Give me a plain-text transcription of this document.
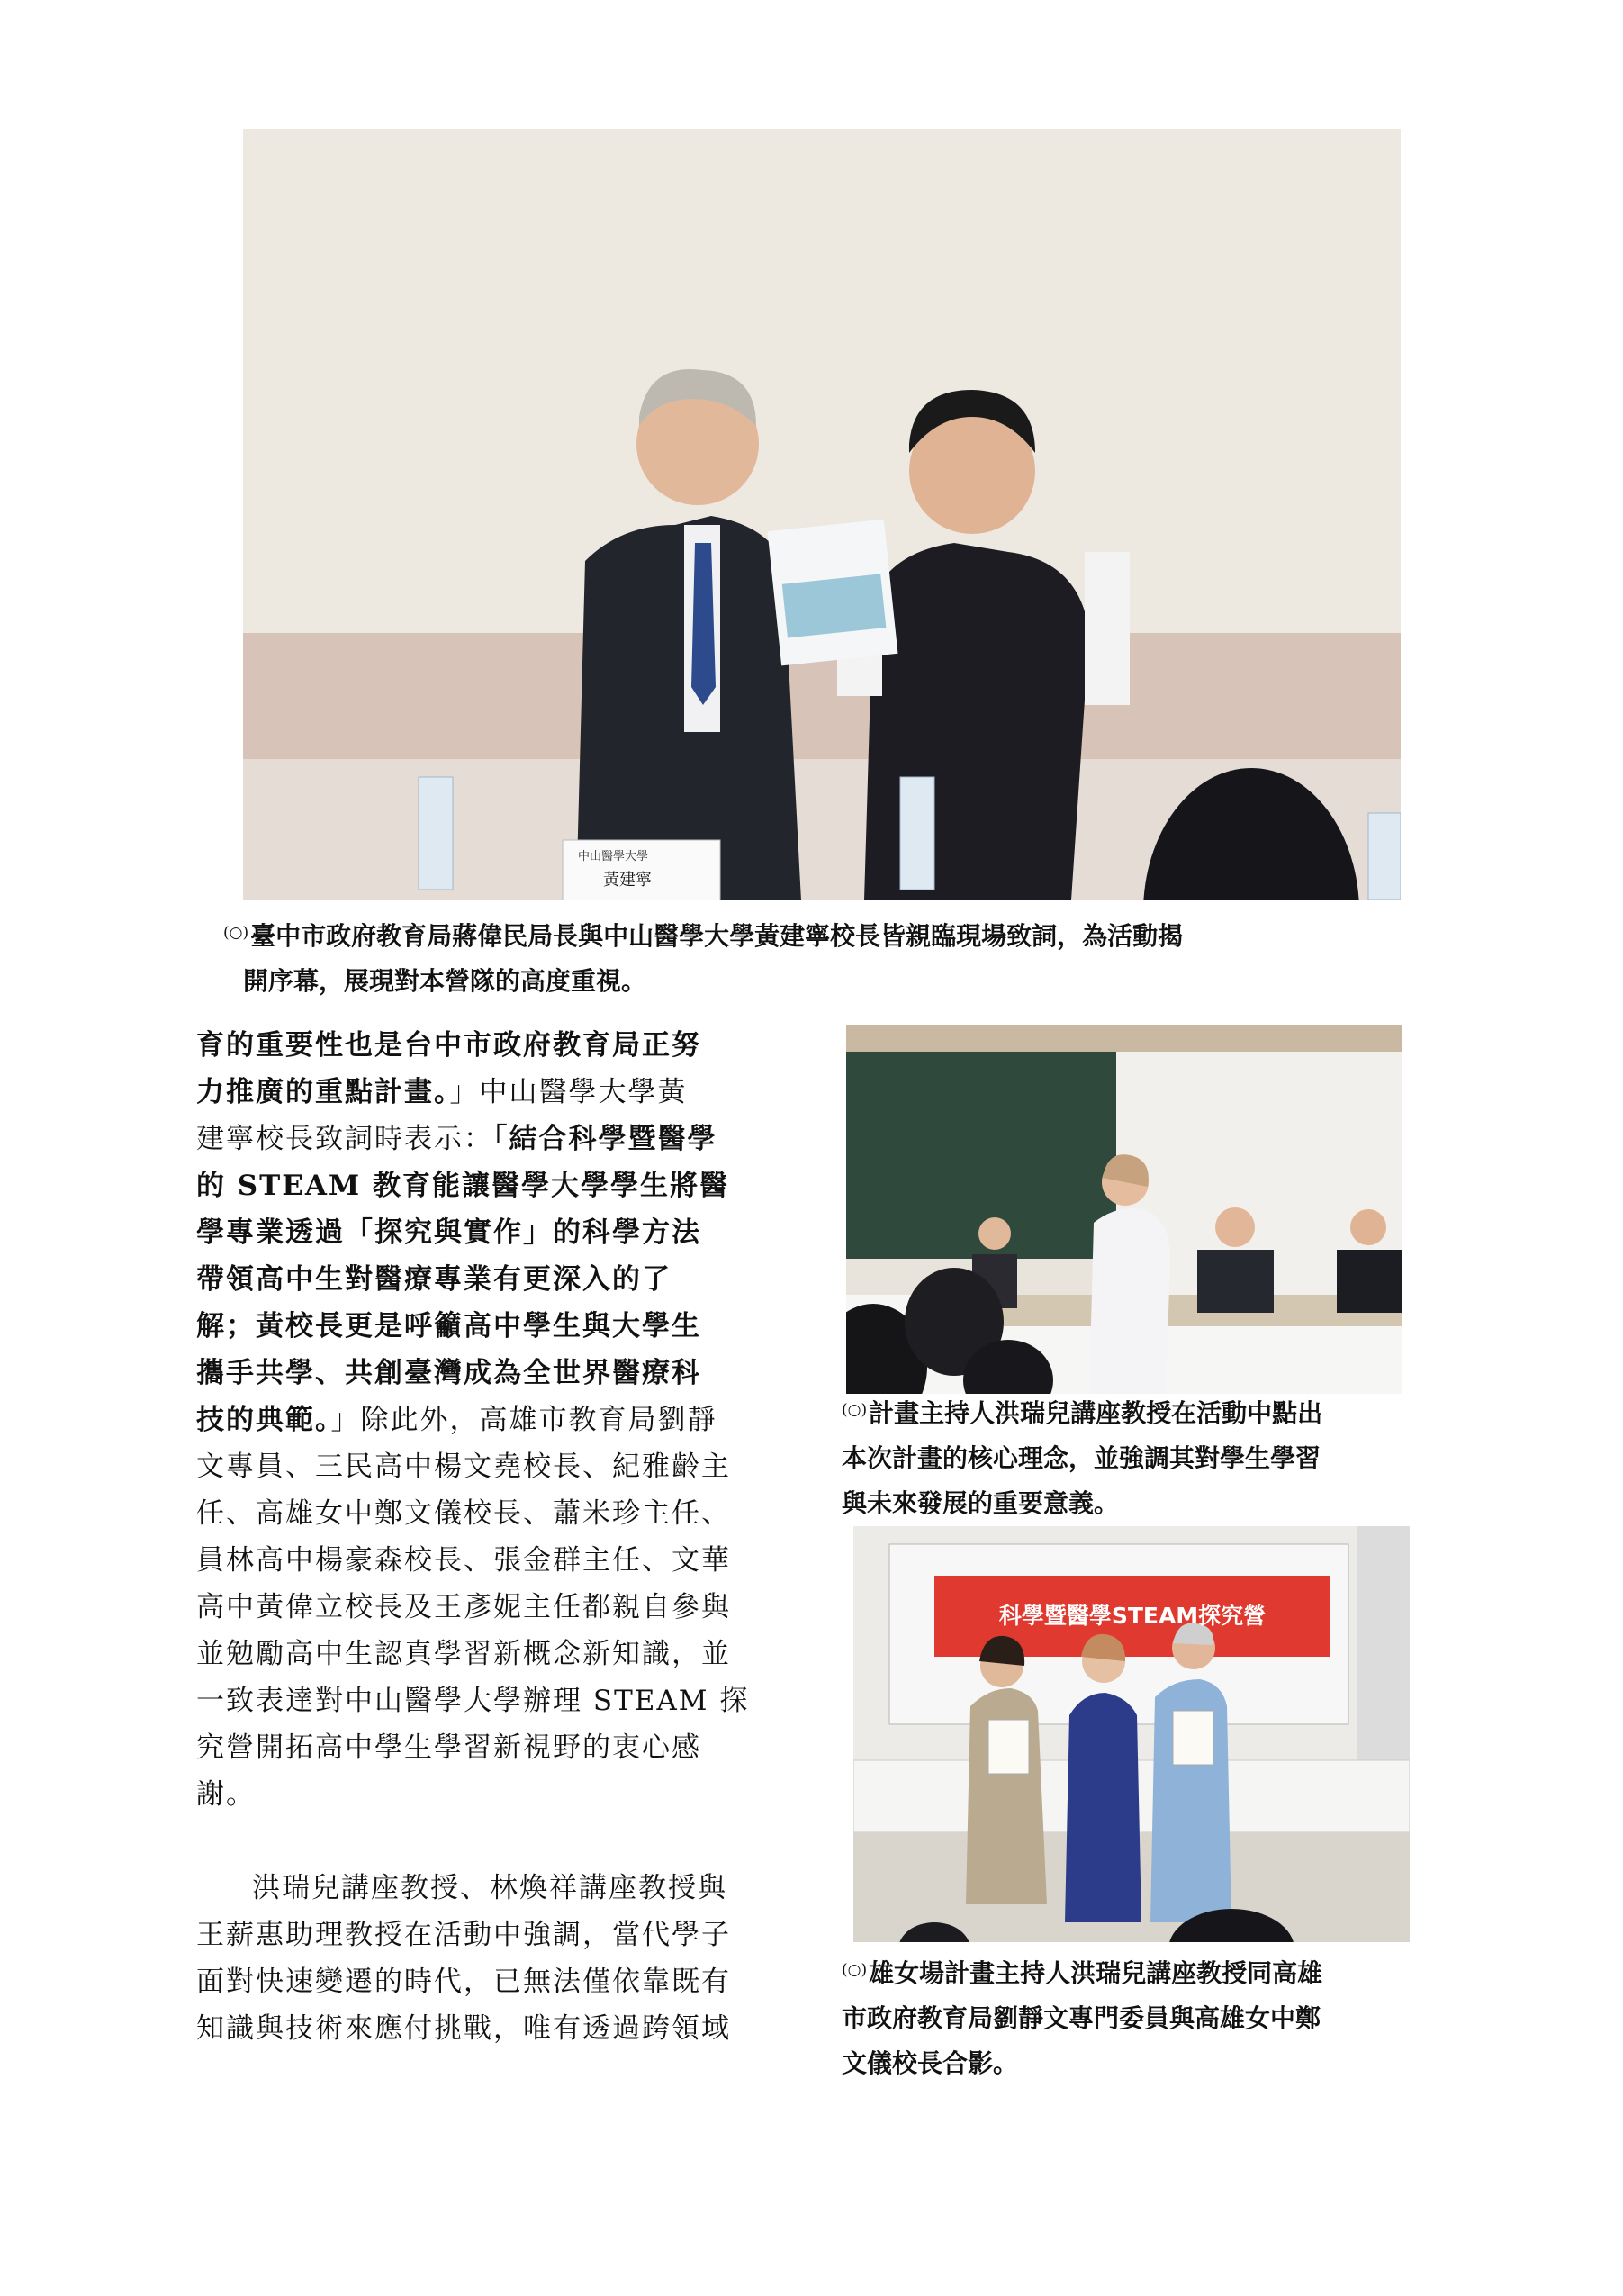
中山醫學大學
黃建寧
(○)臺中市政府教育局蔣偉民局長與中山醫學大學黃建寧校長皆親臨現場致詞，為活動揭
開序幕，展現對本營隊的高度重視。
育的重要性也是台中市政府教育局正努
力推廣的重點計畫。」中山醫學大學黃
建寧校長致詞時表示：「結合科學暨醫學
的 STEAM 教育能讓醫學大學學生將醫
學專業透過「探究與實作」的科學方法
帶領高中生對醫療專業有更深入的了
解；黃校長更是呼籲高中學生與大學生
攜手共學、共創臺灣成為全世界醫療科
技的典範。」除此外，高雄市教育局劉靜
文專員、三民高中楊文堯校長、紀雅齡主
任、高雄女中鄭文儀校長、蕭米珍主任、
員林高中楊豪森校長、張金群主任、文華
高中黃偉立校長及王彥妮主任都親自參與
並勉勵高中生認真學習新概念新知識，並
一致表達對中山醫學大學辦理 STEAM 探
究營開拓高中學生學習新視野的衷心感
謝。
洪瑞兒講座教授、林煥祥講座教授與
王薪惠助理教授在活動中強調，當代學子
面對快速變遷的時代，已無法僅依靠既有
知識與技術來應付挑戰，唯有透過跨領域
(○)計畫主持人洪瑞兒講座教授在活動中點出
本次計畫的核心理念，並強調其對學生學習
與未來發展的重要意義。
科學暨醫學STEAM探究營
(○)雄女場計畫主持人洪瑞兒講座教授同高雄
市政府教育局劉靜文專門委員與高雄女中鄭
文儀校長合影。
